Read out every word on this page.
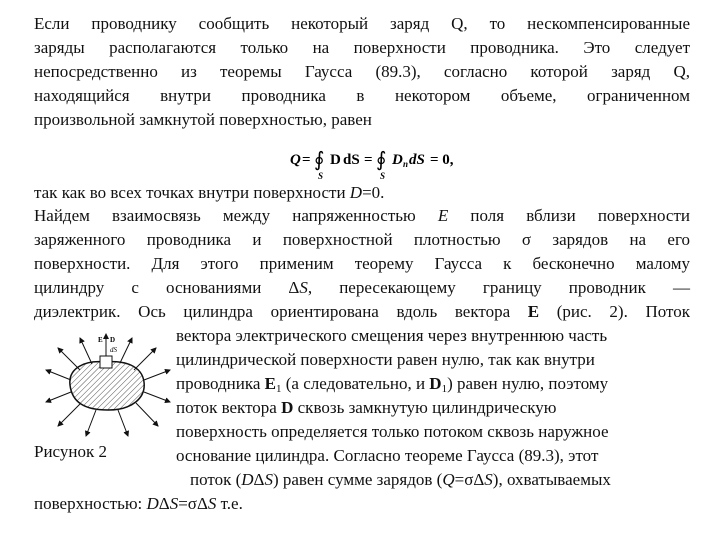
Если проводнику сообщить некоторый заряд Q, то нескомпенсированные
заряды располагаются только на поверхности проводника. Это следует
непосредственно из теоремы Гаусса (89.3), согласно которой заряд Q,
находящийся внутри проводника в некотором объеме, ограниченном
произвольной замкнутой поверхностью, равен
Q = ∮
S
D dS = ∮
S
D n dS = 0,
так как во всех точках внутри поверхности D=0.
Найдем взаимосвязь между напряженностью E поля вблизи поверхности
заряженного проводника и поверхностной плотностью σ зарядов на его
поверхности. Для этого применим теорему Гаусса к бесконечно малому
цилиндру с основаниями ΔS, пересекающему границу проводник —
диэлектрик. Ось цилиндра ориентирована вдоль вектора E (рис. 2). Поток
вектора электрического смещения через внутреннюю часть
цилиндрической поверхности равен нулю, так как внутри
проводника $E_1$ (а следовательно, и $D_1$) равен нулю, поэтому
поток вектора D сквозь замкнутую цилиндрическую
поверхность определяется только потоком сквозь наружное
основание цилиндра. Согласно теореме Гаусса (89.3), этот
поток (DΔS) равен сумме зарядов (Q=σΔS), охватываемых
поверхностью: DΔS=σΔS т.е.
dS
E D
Рисунок 2
